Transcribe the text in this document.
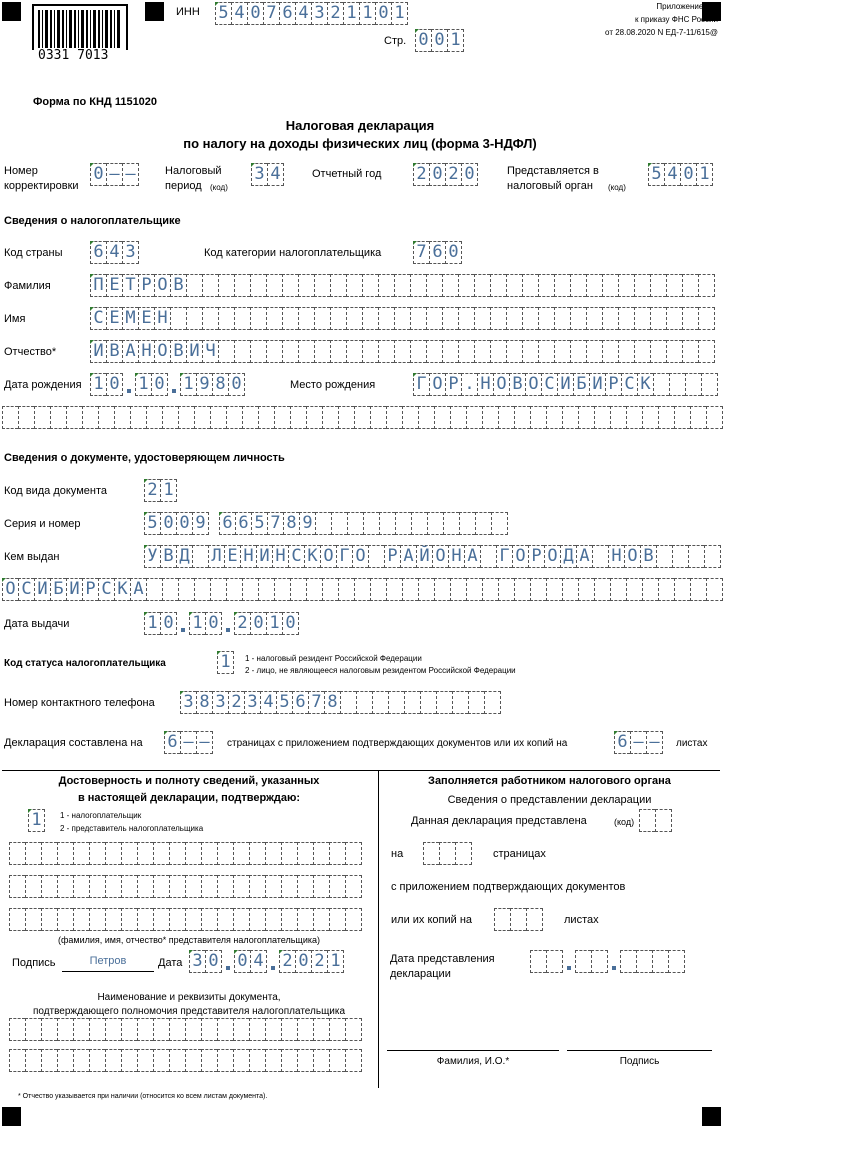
0331 7013
ИНН 5 4 0 7 6 4 3 2 1 1 0 1
Стр. 0 0 1
Приложение N 1
к приказу ФНС России
от 28.08.2020 N ЕД-7-11/615@
Форма по КНД 1151020
Налоговая декларация
по налогу на доходы физических лиц (форма 3-НДФЛ)
Номер
корректировки
0 – –	Налоговый
период (код)
3 4	Отчетный год 2 0 2 0	Представляется в
налоговый орган (код)
5 4 0 1
Сведения о налогоплательщике
Код страны 6 4 3	Код категории налогоплательщика 7 6 0
Фамилия	П Е Т Р О В
Имя	С Е М Е Н
Отчество* И В А Н О В И Ч
Дата рождения 1 0 1 0 1 9 8 0	Место рождения Г О Р . Н О В О С И Б И Р С К
Сведения о документе, удостоверяющем личность
Код вида документа 2 1
Серия и номер	5 0 0 9 6 6 5 7 8 9
Кем выдан	У В Д Л Е Н И Н С К О Г О Р А Й О Н А Г О Р О Д А Н О В
О С И Б И Р С К А
Дата выдачи	1 0 1 0 2 0 1 0
Код статуса налогоплательщика	1	1 - налоговый резидент Российской Федерации
2 - лицо, не являющееся налоговым резидентом Российской Федерации
Номер контактного телефона 3 8 3 2 3 4 5 6 7 8
Декларация составлена на 6 – –	страницах с приложением подтверждающих документов или их копий на	6 – –	листах
Достоверность и полноту сведений, указанных
в настоящей декларации, подтверждаю:
1	1 - налогоплательщик
2 - представитель налогоплательщика
(фамилия, имя, отчество* представителя налогоплательщика)
Подпись	Петров	Дата 3 0 0 4 2 0 2 1
Наименование и реквизиты документа,
подтверждающего полномочия представителя налогоплательщика
Заполняется работником налогового органа
Сведения о представлении декларации
Данная декларация представлена	(код)
на	страницах
с приложением подтверждающих документов
или их копий на	листах
Дата представления
декларации
Фамилия, И.О.*	Подпись
* Отчество указывается при наличии (относится ко всем листам документа).
